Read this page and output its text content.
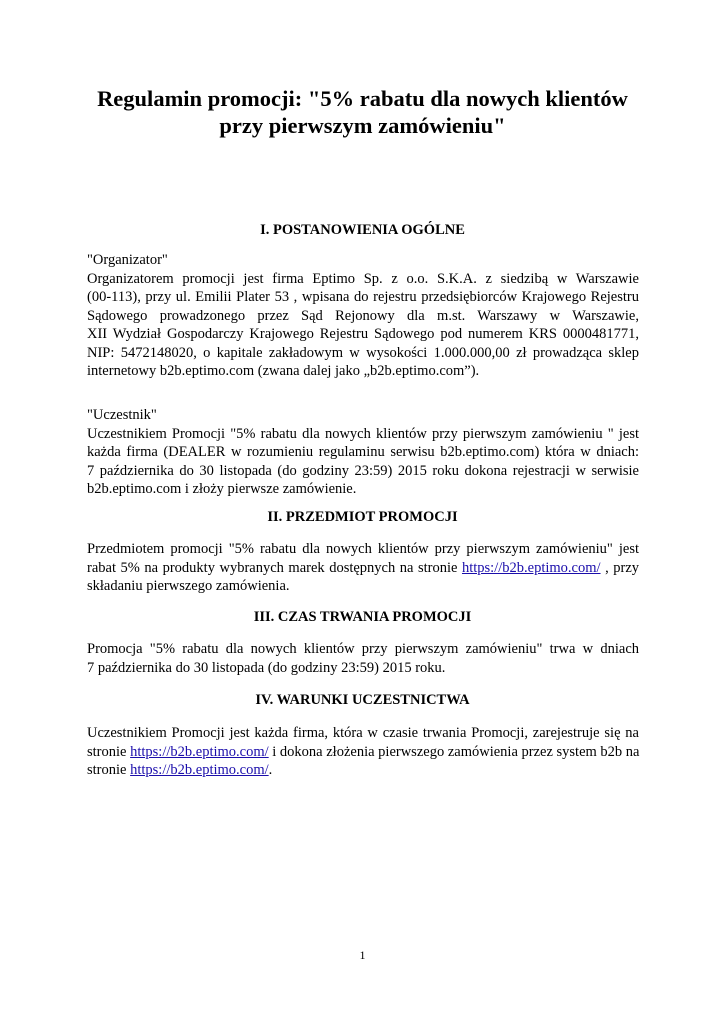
Regulamin promocji: "5% rabatu dla nowych klientów
przy pierwszym zamówieniu"
I. POSTANOWIENIA OGÓLNE
"Organizator"
Organizatorem promocji jest firma Eptimo Sp. z o.o. S.K.A. z siedzibą w Warszawie
(00-113), przy ul. Emilii Plater 53 , wpisana do rejestru przedsiębiorców Krajowego Rejestru
Sądowego prowadzonego przez Sąd Rejonowy dla m.st. Warszawy w Warszawie,
XII Wydział Gospodarczy Krajowego Rejestru Sądowego pod numerem KRS 0000481771,
NIP: 5472148020, o kapitale zakładowym w wysokości 1.000.000,00 zł prowadząca sklep
internetowy b2b.eptimo.com (zwana dalej jako „b2b.eptimo.com”).
"Uczestnik"
Uczestnikiem Promocji "5% rabatu dla nowych klientów przy pierwszym zamówieniu " jest
każda firma (DEALER w rozumieniu regulaminu serwisu b2b.eptimo.com) która w dniach:
7 października do 30 listopada (do godziny 23:59) 2015 roku dokona rejestracji w serwisie
b2b.eptimo.com i złoży pierwsze zamówienie.
II. PRZEDMIOT PROMOCJI
Przedmiotem promocji "5% rabatu dla nowych klientów przy pierwszym zamówieniu" jest
rabat 5% na produkty wybranych marek dostępnych na stronie https://b2b.eptimo.com/ , przy
składaniu pierwszego zamówienia.
III. CZAS TRWANIA PROMOCJI
Promocja "5% rabatu dla nowych klientów przy pierwszym zamówieniu" trwa w dniach
7 października do 30 listopada (do godziny 23:59) 2015 roku.
IV. WARUNKI UCZESTNICTWA
Uczestnikiem Promocji jest każda firma, która w czasie trwania Promocji, zarejestruje się na
stronie https://b2b.eptimo.com/ i dokona złożenia pierwszego zamówienia przez system b2b na
stronie https://b2b.eptimo.com/.
1
